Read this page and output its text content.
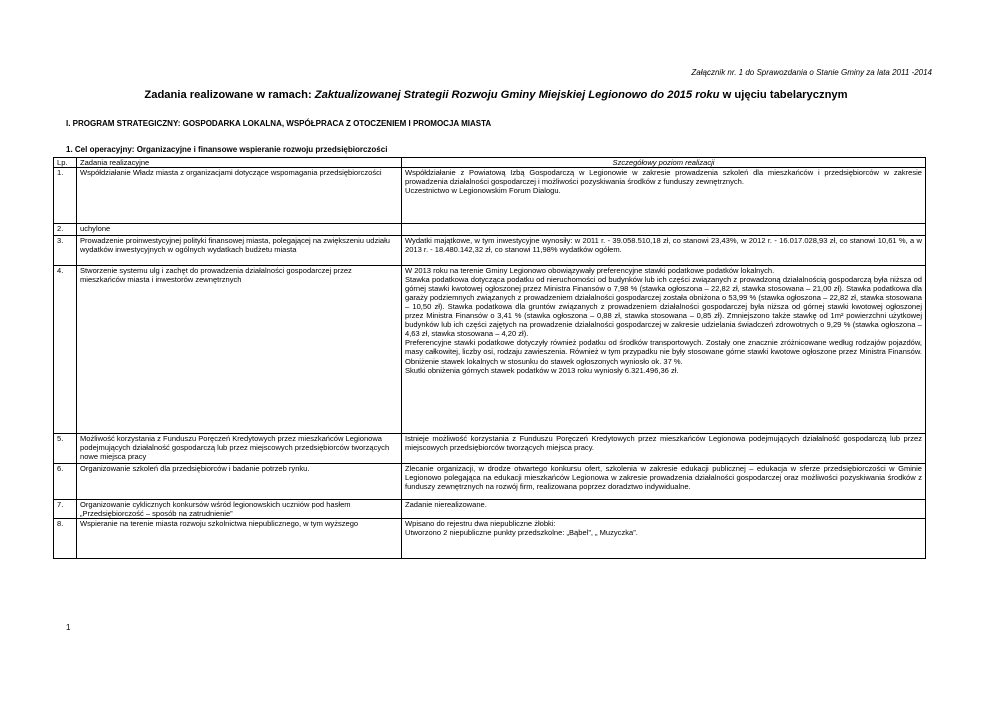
Załącznik nr. 1 do Sprawozdania o Stanie Gminy za lata 2011 -2014
Zadania realizowane w ramach: Zaktualizowanej Strategii Rozwoju Gminy Miejskiej Legionowo do 2015 roku w ujęciu tabelarycznym
I. PROGRAM STRATEGICZNY: GOSPODARKA LOKALNA, WSPÓŁPRACA Z OTOCZENIEM I PROMOCJA MIASTA
1. Cel operacyjny: Organizacyjne i finansowe wspieranie rozwoju przedsiębiorczości
Lp.	Zadania realizacyjne	Szczegółowy poziom realizacji
1.	Współdziałanie Władz miasta z organizacjami dotyczące wspomagania przedsiębiorczości	Współdziałanie z Powiatową Izbą Gospodarczą w Legionowie w zakresie prowadzenia szkoleń dla mieszkańców i przedsiębiorców w zakresie prowadzenia działalności gospodarczej i możliwości pozyskiwania środków z funduszy zewnętrznych.
Uczestnictwo w Legionowskim Forum Dialogu.

2.	uchylone	
3.	Prowadzenie proinwestycyjnej polityki finansowej miasta, polegającej na zwiększeniu udziału wydatków inwestycyjnych w ogólnych wydatkach budżetu miasta	Wydatki majątkowe, w tym inwestycyjne wynosiły: w 2011 r. - 39.058.510,18 zł, co stanowi 23,43%, w 2012 r. - 16.017.028,93 zł, co stanowi 10,61 %, a w 2013 r. - 18.480.142,32 zł, co stanowi 11,98% wydatków ogółem.

4.	Stworzenie systemu ulg i zachęt do prowadzenia działalności gospodarczej przez mieszkańców miasta i inwestorów zewnętrznych	W 2013 roku na terenie Gminy Legionowo obowiązywały preferencyjne stawki podatkowe podatków lokalnych.
Stawka podatkowa dotycząca podatku od nieruchomości od budynków lub ich części związanych z prowadzoną działalnością gospodarczą była niższa od górnej stawki kwotowej ogłoszonej przez Ministra Finansów o 7,98 % (stawka ogłoszona – 22,82 zł, stawka stosowana – 21,00 zł). Stawka podatkowa dla garaży podziemnych związanych z prowadzeniem działalności gospodarczej została obniżona o 53,99 % (stawka ogłoszona – 22,82 zł, stawka stosowana – 10,50 zł). Stawka podatkowa dla gruntów związanych z prowadzeniem działalności gospodarczej była niższa od górnej stawki kwotowej ogłoszonej przez Ministra Finansów o 3,41 % (stawka ogłoszona – 0,88 zł, stawka stosowana – 0,85 zł). Zmniejszono także stawkę od 1m² powierzchni użytkowej budynków lub ich części zajętych na prowadzenie działalności gospodarczej w zakresie udzielania świadczeń zdrowotnych o 9,29 % (stawka ogłoszona – 4,63 zł, stawka stosowana – 4,20 zł).
Preferencyjne stawki podatkowe dotyczyły również podatku od środków transportowych. Zostały one znacznie zróżnicowane według rodzajów pojazdów, masy całkowitej, liczby osi, rodzaju zawieszenia. Również w tym przypadku nie były stosowane górne stawki kwotowe ogłoszone przez Ministra Finansów. Obniżenie stawek lokalnych w stosunku do stawek ogłoszonych wyniosło ok. 37 %.
Skutki obniżenia górnych stawek podatków w 2013 roku wyniosły 6.321.496,36 zł.

5.	Możliwość korzystania z Funduszu Poręczeń Kredytowych przez mieszkańców Legionowa podejmujących działalność gospodarczą lub przez miejscowych przedsiębiorców tworzących nowe miejsca pracy	Istnieje możliwość korzystania z Funduszu Poręczeń Kredytowych przez mieszkańców Legionowa podejmujących działalność gospodarczą lub przez miejscowych przedsiębiorców tworzących miejsca pracy.

6.	Organizowanie szkoleń dla przedsiębiorców i badanie potrzeb rynku.	Zlecanie organizacji, w drodze otwartego konkursu ofert, szkolenia w zakresie edukacji publicznej – edukacja w sferze przedsiębiorczości w Gminie Legionowo polegająca na edukacji mieszkańców Legionowa w zakresie prowadzenia działalności gospodarczej oraz możliwości pozyskiwania środków z funduszy zewnętrznych na rozwój firm, realizowana poprzez doradztwo indywidualne.

7.	Organizowanie cyklicznych konkursów wśród legionowskich uczniów pod hasłem „Przedsiębiorczość – sposób na zatrudnienie”	Zadanie nierealizowane.

8.	Wspieranie na terenie miasta rozwoju szkolnictwa niepublicznego, w tym wyższego	Wpisano do rejestru dwa niepubliczne żłobki:
Utworzono 2 niepubliczne punkty przedszkolne: „Bąbel”, „ Muzyczka”.
1
